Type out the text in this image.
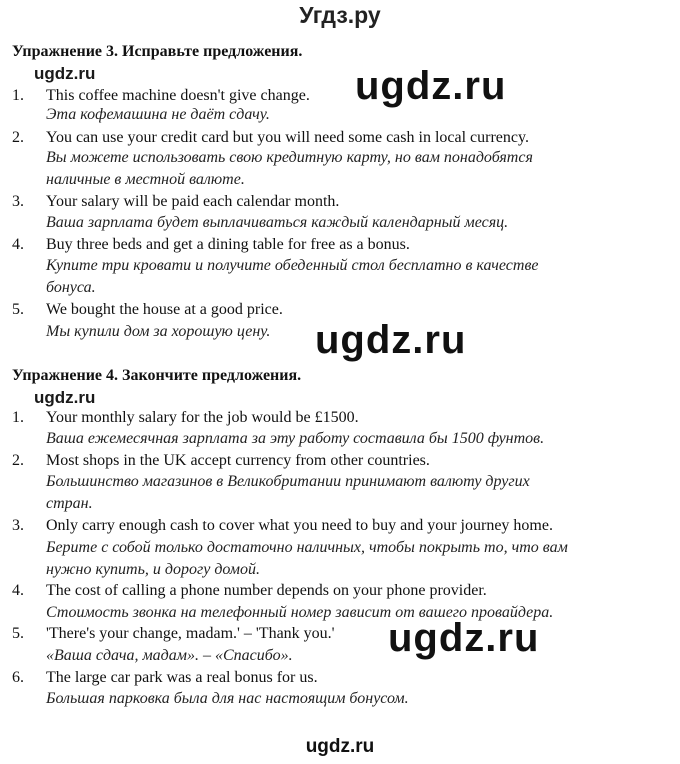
Угдз.ру
Упражнение 3. Исправьте предложения.
ugdz.ru	ugdz.ru
1. This coffee machine doesn't give change.
Эта кофемашина не даёт сдачу.
2. You can use your credit card but you will need some cash in local currency.
Вы можете использовать свою кредитную карту, но вам понадобятся
наличные в местной валюте.
3. Your salary will be paid each calendar month.
Ваша зарплата будет выплачиваться каждый календарный месяц.
4. Buy three beds and get a dining table for free as a bonus.
Купите три кровати и получите обеденный стол бесплатно в качестве
бонуса.
5. We bought the house at a good price.
Мы купили дом за хорошую цену. ugdz.ru
Упражнение 4. Закончите предложения.
ugdz.ru
1. Your monthly salary for the job would be £1500.
Ваша ежемесячная зарплата за эту работу составила бы 1500 фунтов.
2. Most shops in the UK accept currency from other countries.
Большинство магазинов в Великобритании принимают валюту других
стран.
3. Only carry enough cash to cover what you need to buy and your journey home.
Берите с собой только достаточно наличных, чтобы покрыть то, что вам
нужно купить, и дорогу домой.
4. The cost of calling a phone number depends on your phone provider.
Стоимость звонка на телефонный номер зависит от вашего провайдера.
5. 'There's your change, madam.' – 'Thank you.'
«Ваша сдача, мадам». – «Спасибо».
6. The large car park was a real bonus for us.
Большая парковка была для нас настоящим бонусом.
ugdz.ru
ugdz.ru
